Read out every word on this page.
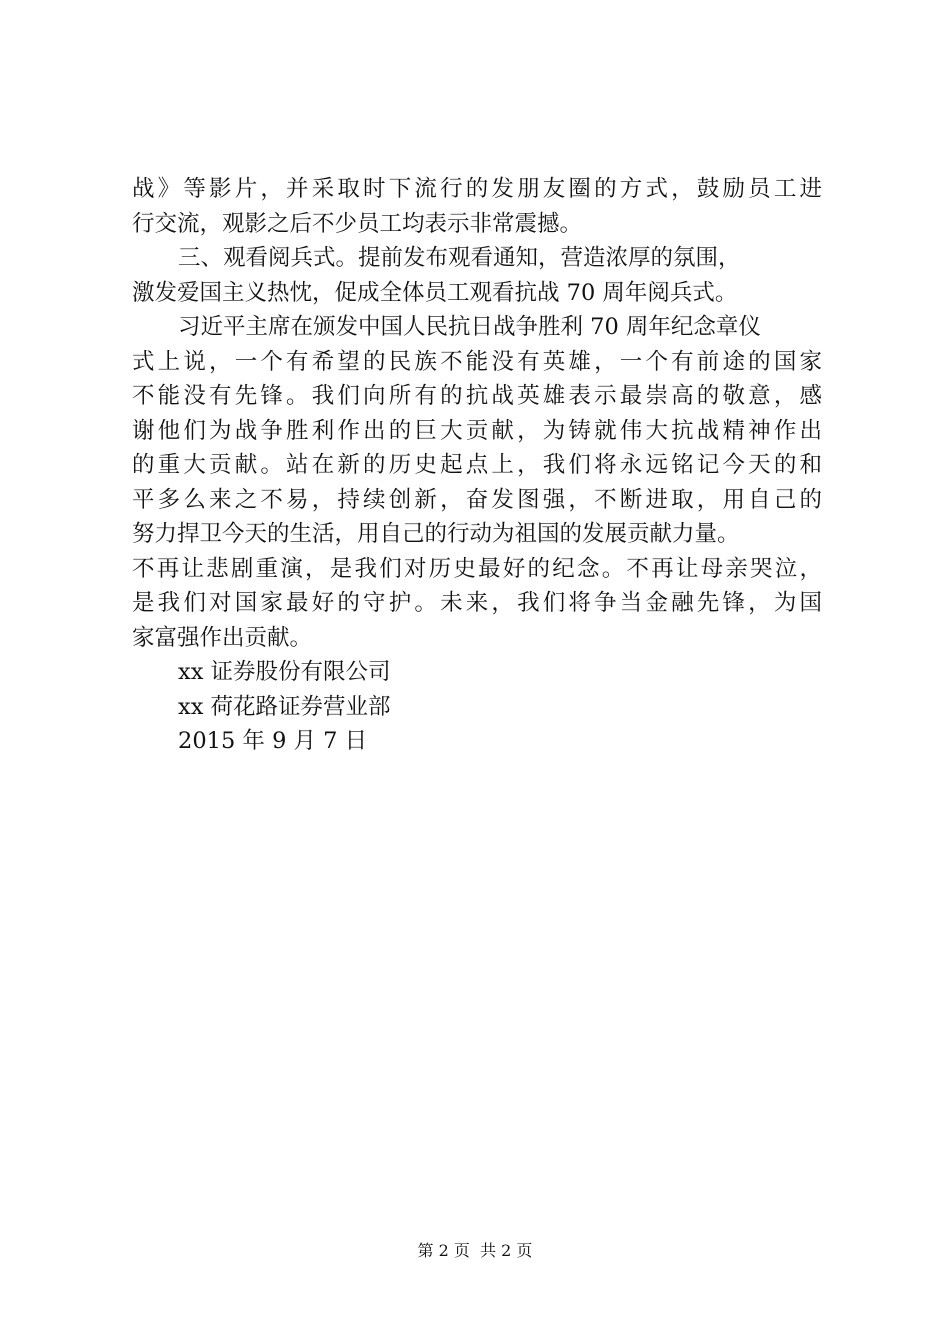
战》等影片，并采取时下流行的发朋友圈的方式，鼓励员工进
行交流，观影之后不少员工均表示非常震撼。
三、观看阅兵式。提前发布观看通知，营造浓厚的氛围，
激发爱国主义热忱，促成全体员工观看抗战 70 周年阅兵式。
习近平主席在颁发中国人民抗日战争胜利 70 周年纪念章仪
式上说，一个有希望的民族不能没有英雄，一个有前途的国家
不能没有先锋。我们向所有的抗战英雄表示最崇高的敬意，感
谢他们为战争胜利作出的巨大贡献，为铸就伟大抗战精神作出
的重大贡献。站在新的历史起点上，我们将永远铭记今天的和
平多么来之不易，持续创新，奋发图强，不断进取，用自己的
努力捍卫今天的生活，用自己的行动为祖国的发展贡献力量。
不再让悲剧重演，是我们对历史最好的纪念。不再让母亲哭泣，
是我们对国家最好的守护。未来，我们将争当金融先锋，为国
家富强作出贡献。
xx 证券股份有限公司
xx 荷花路证券营业部
2015 年 9 月 7 日
第 2 页  共 2 页
